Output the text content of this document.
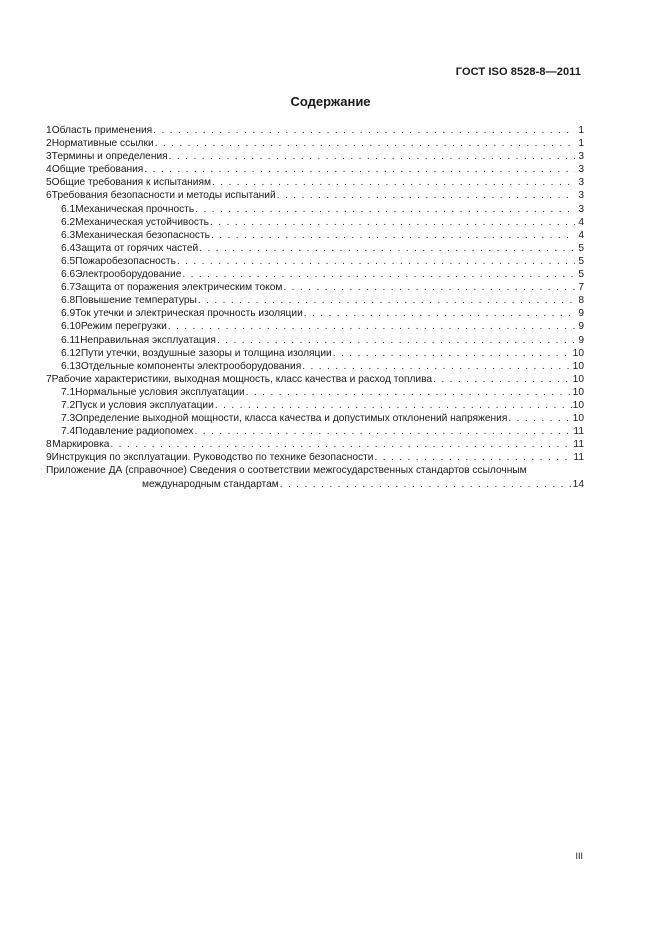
ГОСТ ISO 8528-8—2011
Содержание
1 Область применения . . .	1
2 Нормативные ссылки . . .	1
3 Термины и определения . . .	3
4 Общие требования . . .	3
5 Общие требования к испытаниям . . .	3
6 Требования безопасности и методы испытаний . . .	3
6.1 Механическая прочность . . .	3
6.2 Механическая устойчивость . . .	4
6.3 Механическая безопасность . . .	4
6.4 Защита от горячих частей . . .	5
6.5 Пожаробезопасность . . .	5
6.6 Электрооборудование . . .	5
6.7 Защита от поражения электрическим током . . .	7
6.8 Повышение температуры . . .	8
6.9 Ток утечки и электрическая прочность изоляции . . .	9
6.10 Режим перегрузки . . .	9
6.11 Неправильная эксплуатация . . .	9
6.12 Пути утечки, воздушные зазоры и толщина изоляции . . .	10
6.13 Отдельные компоненты электрооборудования . . .	10
7 Рабочие характеристики, выходная мощность, класс качества и расход топлива . . .	10
7.1 Нормальные условия эксплуатации . . .	10
7.2 Пуск и условия эксплуатации . . .	10
7.3 Определение выходной мощности, класса качества и допустимых отклонений напряжения . . .	10
7.4 Подавление радиопомех . . .	11
8 Маркировка . . .	11
9 Инструкция по эксплуатации. Руководство по технике безопасности . . .	11
Приложение ДА (справочное) Сведения о соответствии межгосударственных стандартов ссылочным
международным стандартам . . .	14
III
